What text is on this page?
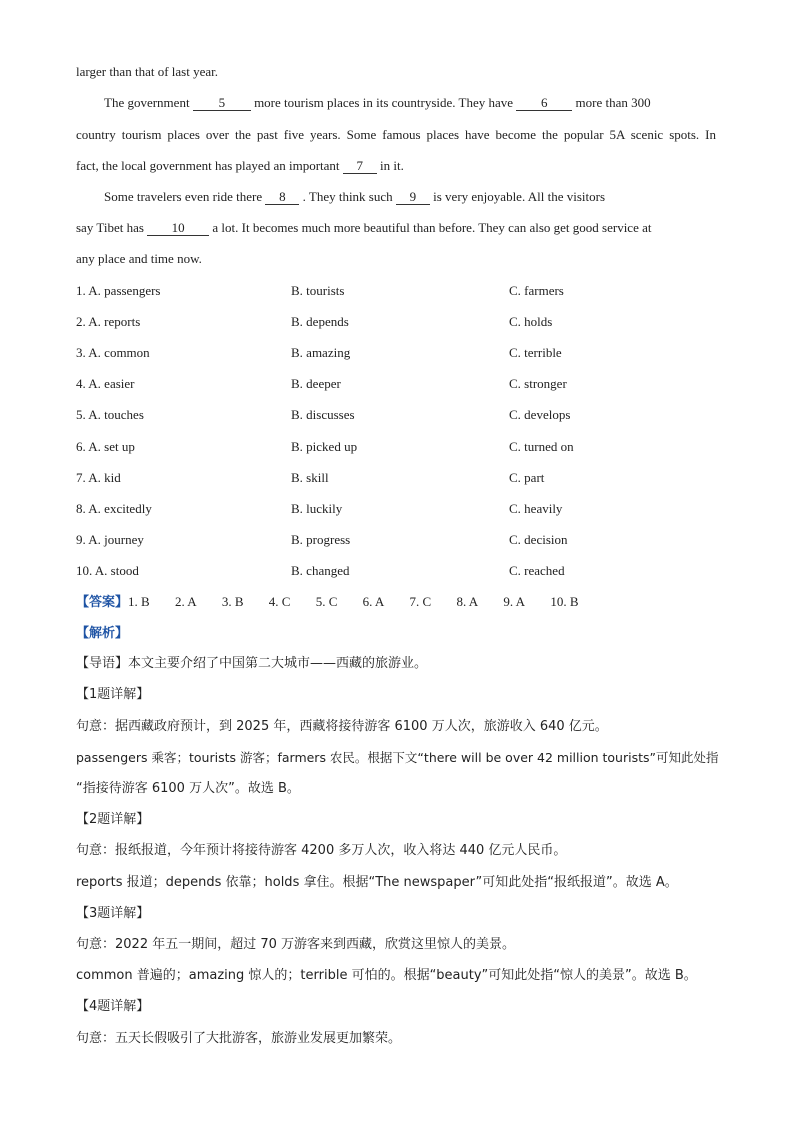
larger than that of last year.
The government 5 more tourism places in its countryside. They have 6 more than 300
country tourism places over the past five years. Some famous places have become the popular 5A scenic spots. In
fact, the local government has played an important 7 in it.
Some travelers even ride there 8 . They think such 9 is very enjoyable. All the visitors
say Tibet has 10 a lot. It becomes much more beautiful than before. They can also get good service at
any place and time now.
1. A. passengers	B. tourists	C. farmers
2. A. reports	B. depends	C. holds
3. A. common	B. amazing	C. terrible
4. A. easier	B. deeper	C. stronger
5. A. touches	B. discusses	C. develops
6. A. set up	B. picked up	C. turned on
7. A. kid	B. skill	C. part
8. A. excitedly	B. luckily	C. heavily
9. A. journey	B. progress	C. decision
10. A. stood	B. changed	C. reached
【答案】1. B 2. A 3. B 4. C 5. C 6. A 7. C 8. A 9. A 10. B
【解析】
【导语】本文主要介绍了中国第二大城市——西藏的旅游业。
【1题详解】
句意：据西藏政府预计，到 2025 年，西藏将接待游客 6100 万人次，旅游收入 640 亿元。
passengers 乘客；tourists 游客；farmers 农民。根据下文“there will be over 42 million tourists”可知此处指
“指接待游客 6100 万人次”。故选 B。
【2题详解】
句意：报纸报道，今年预计将接待游客 4200 多万人次，收入将达 440 亿元人民币。
reports 报道；depends 依靠；holds 拿住。根据“The newspaper”可知此处指“报纸报道”。故选 A。
【3题详解】
句意：2022 年五一期间，超过 70 万游客来到西藏，欣赏这里惊人的美景。
common 普遍的；amazing 惊人的；terrible 可怕的。根据“beauty”可知此处指“惊人的美景”。故选 B。
【4题详解】
句意：五天长假吸引了大批游客，旅游业发展更加繁荣。
